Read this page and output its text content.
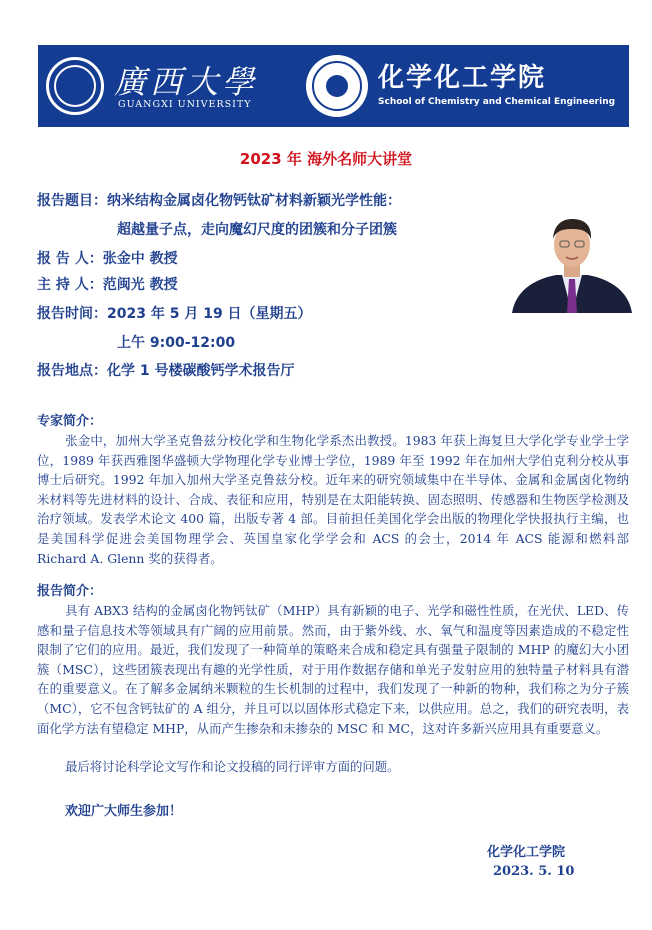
廣西大學
GUANGXI UNIVERSITY
化学化工学院
School of Chemistry and Chemical Engineering
2023 年 海外名师大讲堂
报告题目：纳米结构金属卤化物钙钛矿材料新颖光学性能：
超越量子点，走向魔幻尺度的团簇和分子团簇
报 告 人：张金中 教授
主 持 人：范闽光 教授
报告时间：2023 年 5 月 19 日（星期五）
上午 9:00-12:00
报告地点：化学 1 号楼碳酸钙学术报告厅
专家简介：
张金中，加州大学圣克鲁兹分校化学和生物化学系杰出教授。1983 年获上海复旦大学化学专业学士学位，1989 年获西雅图华盛顿大学物理化学专业博士学位，1989 年至 1992 年在加州大学伯克利分校从事博士后研究。1992 年加入加州大学圣克鲁兹分校。近年来的研究领域集中在半导体、金属和金属卤化物纳米材料等先进材料的设计、合成、表征和应用，特别是在太阳能转换、固态照明、传感器和生物医学检测及治疗领域。发表学术论文 400 篇，出版专著 4 部。目前担任美国化学会出版的物理化学快报执行主编，也是美国科学促进会美国物理学会、英国皇家化学学会和 ACS 的会士，2014 年 ACS 能源和燃料部 Richard A. Glenn 奖的获得者。
报告简介：
具有 ABX3 结构的金属卤化物钙钛矿（MHP）具有新颖的电子、光学和磁性性质，在光伏、LED、传感和量子信息技术等领域具有广阔的应用前景。然而，由于紫外线、水、氧气和温度等因素造成的不稳定性限制了它们的应用。最近，我们发现了一种简单的策略来合成和稳定具有强量子限制的 MHP 的魔幻大小团簇（MSC），这些团簇表现出有趣的光学性质，对于用作数据存储和单光子发射应用的独特量子材料具有潜在的重要意义。在了解多金属纳米颗粒的生长机制的过程中，我们发现了一种新的物种，我们称之为分子簇（MC），它不包含钙钛矿的 A 组分，并且可以以固体形式稳定下来，以供应用。总之，我们的研究表明，表面化学方法有望稳定 MHP，从而产生掺杂和未掺杂的 MSC 和 MC，这对许多新兴应用具有重要意义。
最后将讨论科学论文写作和论文投稿的同行评审方面的问题。
欢迎广大师生参加！
化学化工学院
2023. 5. 10
